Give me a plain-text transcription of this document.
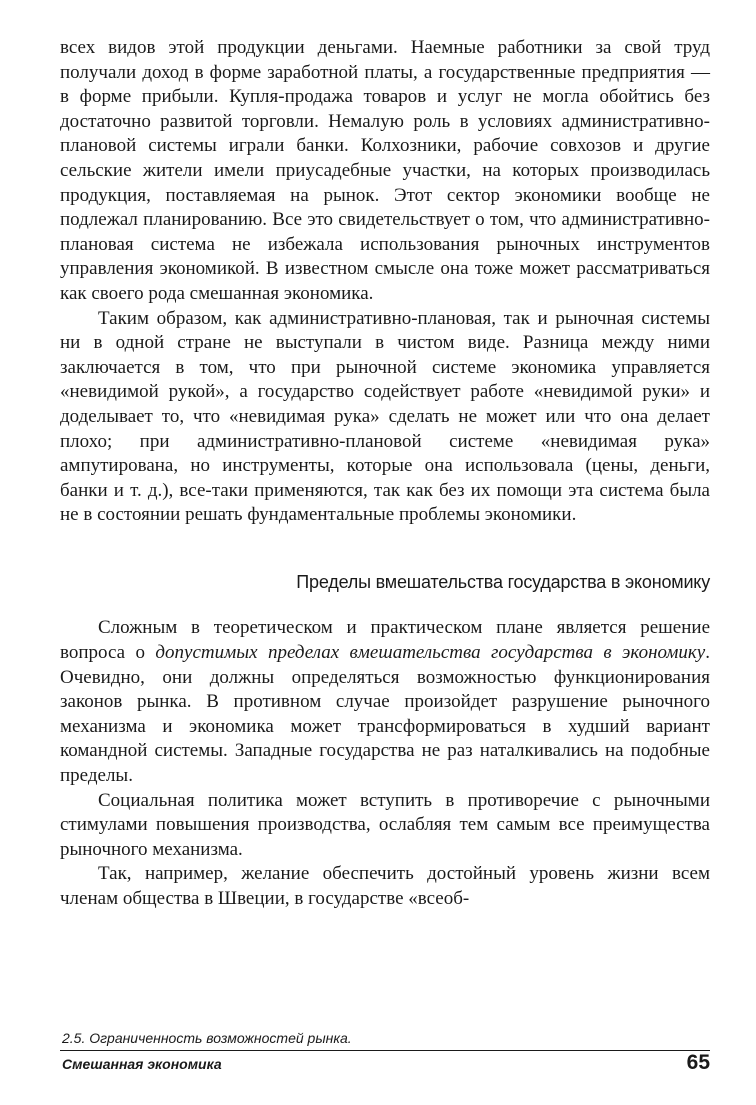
всех видов этой продукции деньгами. Наемные работники за свой труд получали доход в форме заработной платы, а государственные предприятия — в форме прибыли. Купля-продажа товаров и услуг не могла обойтись без достаточно развитой торговли. Немалую роль в условиях административно-плановой системы играли банки. Колхозники, рабочие совхозов и другие сельские жители имели приусадебные участки, на которых производилась продукция, поставляемая на рынок. Этот сектор экономики вообще не подлежал планированию. Все это свидетельствует о том, что административно-плановая система не избежала использования рыночных инструментов управления экономикой. В известном смысле она тоже может рассматриваться как своего рода смешанная экономика.

Таким образом, как административно-плановая, так и рыночная системы ни в одной стране не выступали в чистом виде. Разница между ними заключается в том, что при рыночной системе экономика управляется «невидимой рукой», а государство содействует работе «невидимой руки» и доделывает то, что «невидимая рука» сделать не может или что она делает плохо; при административно-плановой системе «невидимая рука» ампутирована, но инструменты, которые она использовала (цены, деньги, банки и т. д.), все-таки применяются, так как без их помощи эта система была не в состоянии решать фундаментальные проблемы экономики.

Пределы вмешательства государства в экономику

Сложным в теоретическом и практическом плане является решение вопроса о допустимых пределах вмешательства государства в экономику. Очевидно, они должны определяться возможностью функционирования законов рынка. В противном случае произойдет разрушение рыночного механизма и экономика может трансформироваться в худший вариант командной системы. Западные государства не раз наталкивались на подобные пределы.

Социальная политика может вступить в противоречие с рыночными стимулами повышения производства, ослабляя тем самым все преимущества рыночного механизма.

Так, например, желание обеспечить достойный уровень жизни всем членам общества в Швеции, в государстве «всеоб-

2.5. Ограниченность возможностей рынка.
Смешанная экономика	65
